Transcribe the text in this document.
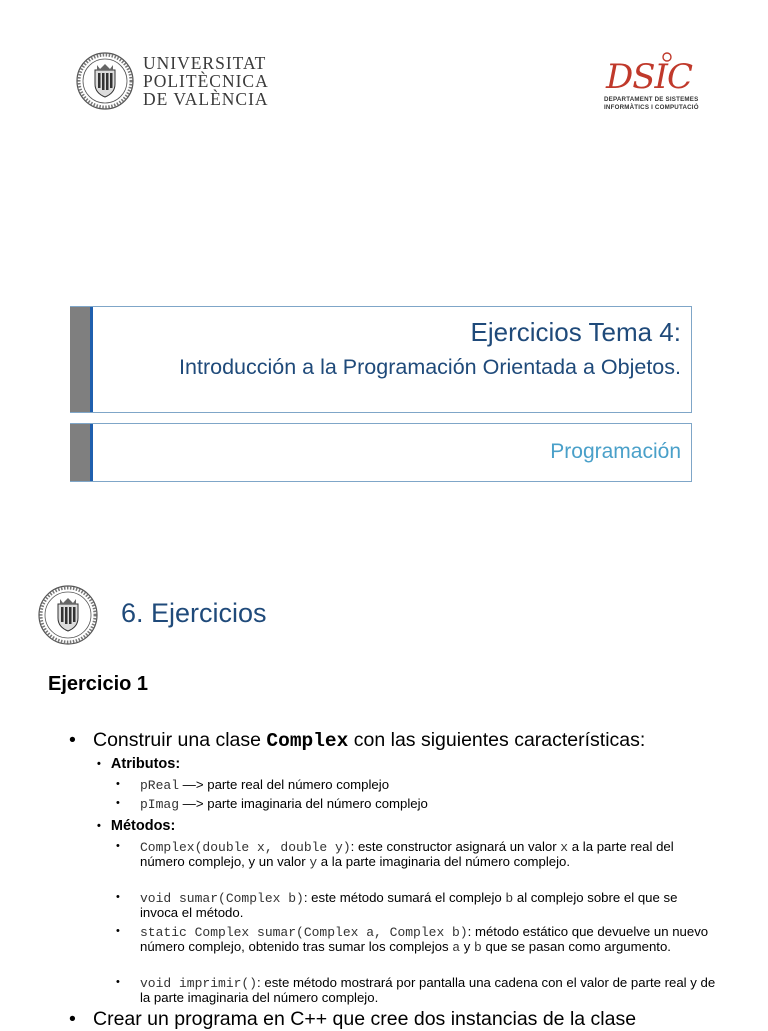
UNIVERSITAT
POLITÈCNICA
DE VALÈNCIA
DSIC
DEPARTAMENT DE SISTEMES
INFORMÀTICS I COMPUTACIÓ
Ejercicios Tema 4:
Introducción a la Programación Orientada a Objetos.
Programación
6. Ejercicios
Ejercicio 1
• Construir una clase Complex con las siguientes características:
• Atributos:
• pReal —> parte real del número complejo
• pImag —> parte imaginaria del número complejo
• Métodos:
• Complex(double x, double y): este constructor asignará un valor x a la parte real del número complejo, y un valor y a la parte imaginaria del número complejo.
• void sumar(Complex b): este método sumará el complejo b al complejo sobre el que se invoca el método.
• static Complex sumar(Complex a, Complex b): método estático que devuelve un nuevo número complejo, obtenido tras sumar los complejos a y b que se pasan como argumento.
• void imprimir(): este método mostrará por pantalla una cadena con el valor de parte real y de la parte imaginaria del número complejo.
• Crear un programa en C++ que cree dos instancias de la clase
